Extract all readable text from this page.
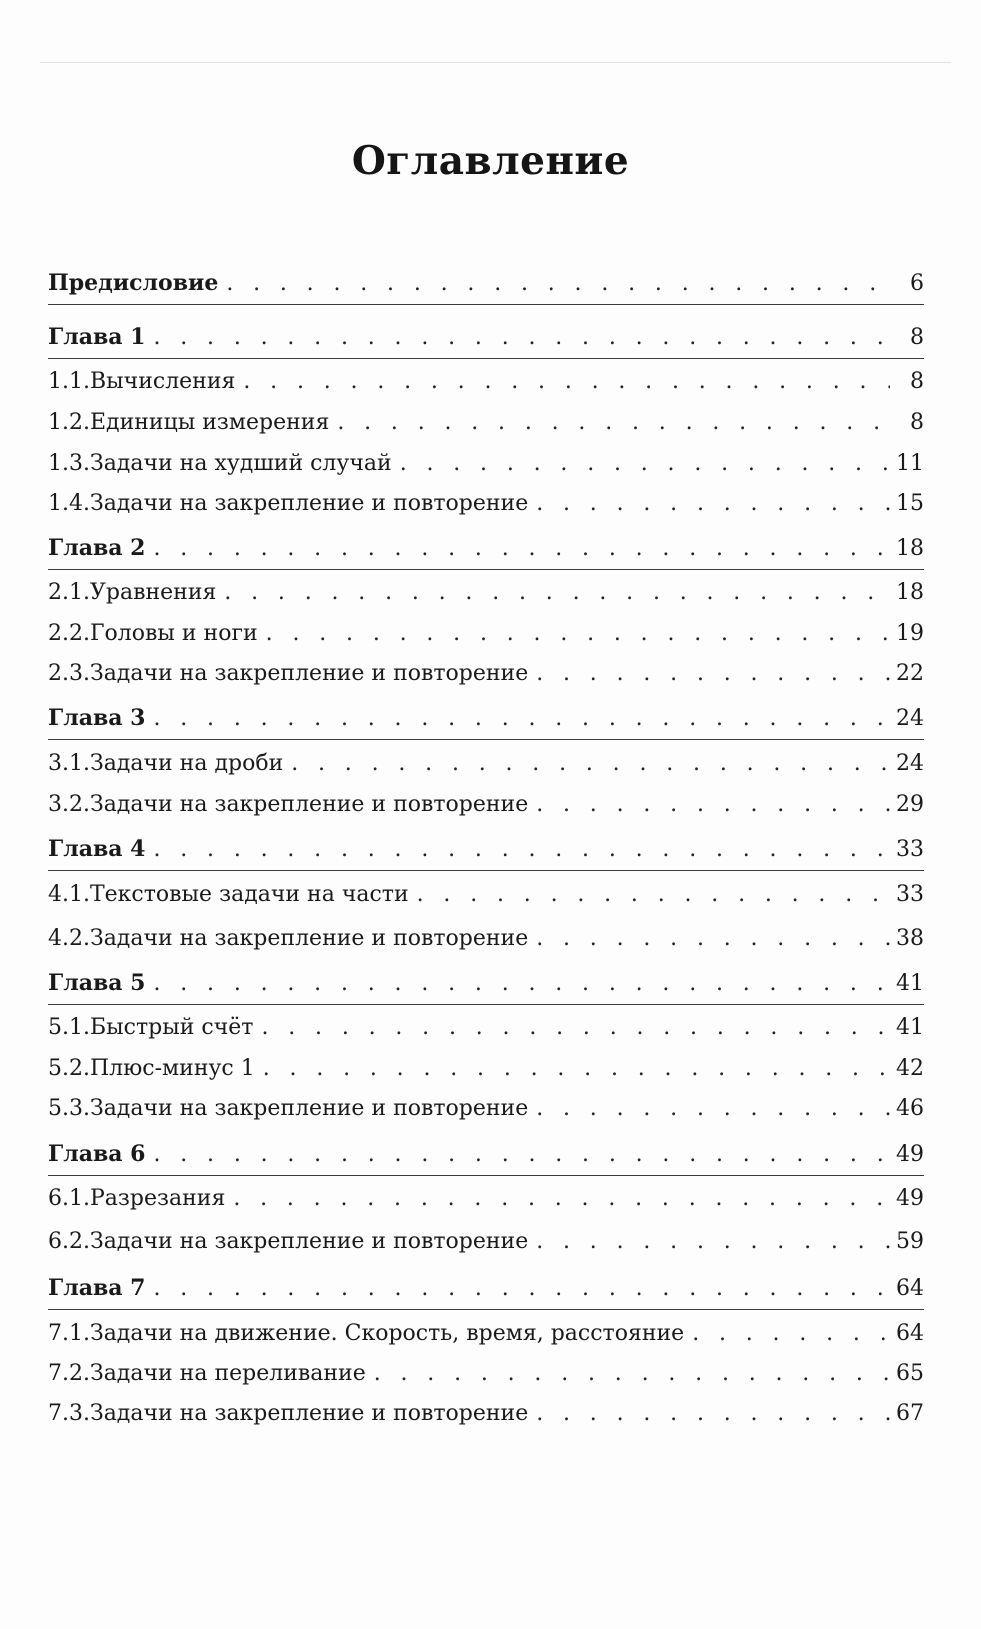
Оглавление
Предисловие . . .	6
Глава 1 . . .	8
1.1. Вычисления . . .	8
1.2. Единицы измерения . . .	8
1.3. Задачи на худший случай . . .	11
1.4. Задачи на закрепление и повторение . . .	15
Глава 2 . . .	18
2.1. Уравнения . . .	18
2.2. Головы и ноги . . .	19
2.3. Задачи на закрепление и повторение . . .	22
Глава 3 . . .	24
3.1. Задачи на дроби . . .	24
3.2. Задачи на закрепление и повторение . . .	29
Глава 4 . . .	33
4.1. Текстовые задачи на части . . .	33
4.2. Задачи на закрепление и повторение . . .	38
Глава 5 . . .	41
5.1. Быстрый счёт . . .	41
5.2. Плюс-минус 1 . . .	42
5.3. Задачи на закрепление и повторение . . .	46
Глава 6 . . .	49
6.1. Разрезания . . .	49
6.2. Задачи на закрепление и повторение . . .	59
Глава 7 . . .	64
7.1. Задачи на движение. Скорость, время, расстояние . . .	64
7.2. Задачи на переливание . . .	65
7.3. Задачи на закрепление и повторение . . .	67
